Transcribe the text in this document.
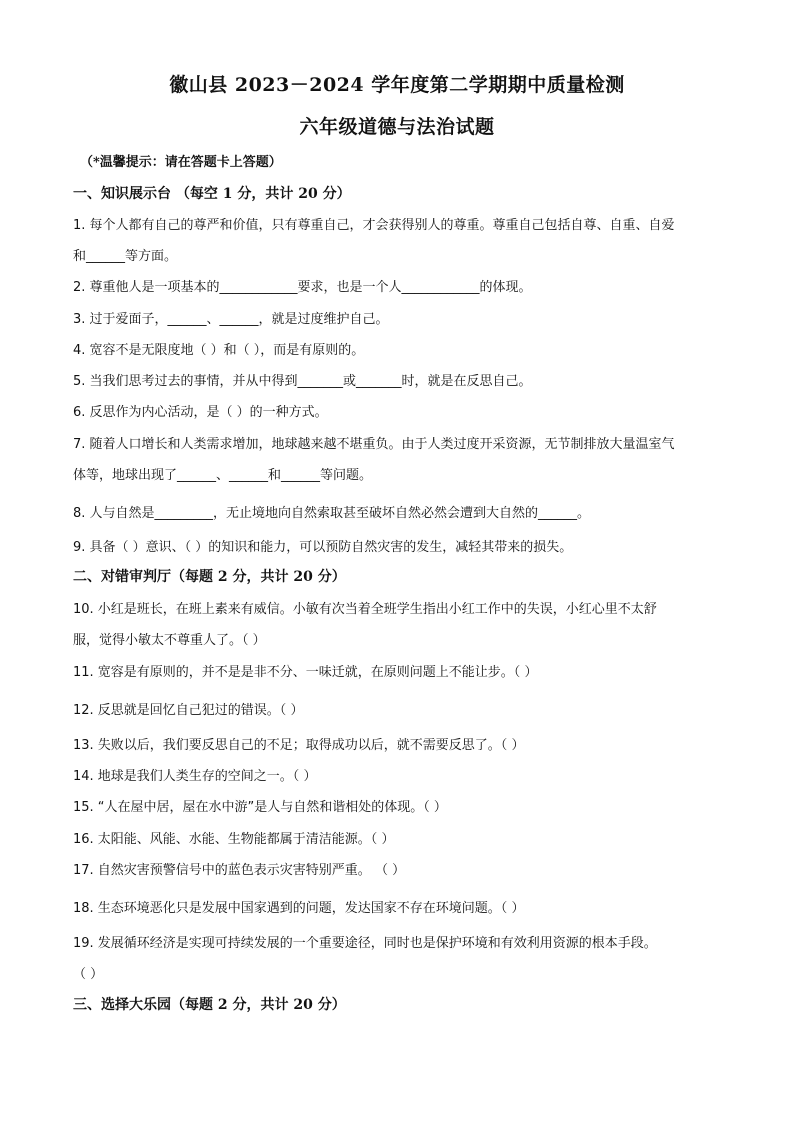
徽山县 2023－2024 学年度第二学期期中质量检测
六年级道德与法治试题
（*温馨提示：请在答题卡上答题）
一、知识展示台 （每空 1 分，共计 20 分）
1. 每个人都有自己的尊严和价值，只有尊重自己，才会获得别人的尊重。尊重自己包括自尊、自重、自爱
和______等方面。
2. 尊重他人是一项基本的____________要求，也是一个人____________的体现。
3. 过于爱面子，______、______，就是过度维护自己。
4. 宽容不是无限度地（ ）和（ ），而是有原则的。
5. 当我们思考过去的事情，并从中得到_______或_______时，就是在反思自己。
6. 反思作为内心活动，是（ ）的一种方式。
7. 随着人口增长和人类需求增加，地球越来越不堪重负。由于人类过度开采资源，无节制排放大量温室气
体等，地球出现了______、______和______等问题。
8. 人与自然是_________，无止境地向自然索取甚至破坏自然必然会遭到大自然的______。
9. 具备（ ）意识、（ ）的知识和能力，可以预防自然灾害的发生，减轻其带来的损失。
二、对错审判厅（每题 2 分，共计 20 分）
10. 小红是班长，在班上素来有威信。小敏有次当着全班学生指出小红工作中的失误，小红心里不太舒
服，觉得小敏太不尊重人了。（ ）
11. 宽容是有原则的，并不是是非不分、一味迁就，在原则问题上不能让步。（ ）
12. 反思就是回忆自己犯过的错误。（ ）
13. 失败以后，我们要反思自己的不足；取得成功以后，就不需要反思了。（ ）
14. 地球是我们人类生存的空间之一。（ ）
15. “人在屋中居，屋在水中游”是人与自然和谐相处的体现。（ ）
16. 太阳能、风能、水能、生物能都属于清洁能源。（ ）
17. 自然灾害预警信号中的蓝色表示灾害特别严重。 （ ）
18. 生态环境恶化只是发展中国家遇到的问题，发达国家不存在环境问题。（ ）
19. 发展循环经济是实现可持续发展的一个重要途径，同时也是保护环境和有效利用资源的根本手段。
（ ）
三、选择大乐园（每题 2 分，共计 20 分）
